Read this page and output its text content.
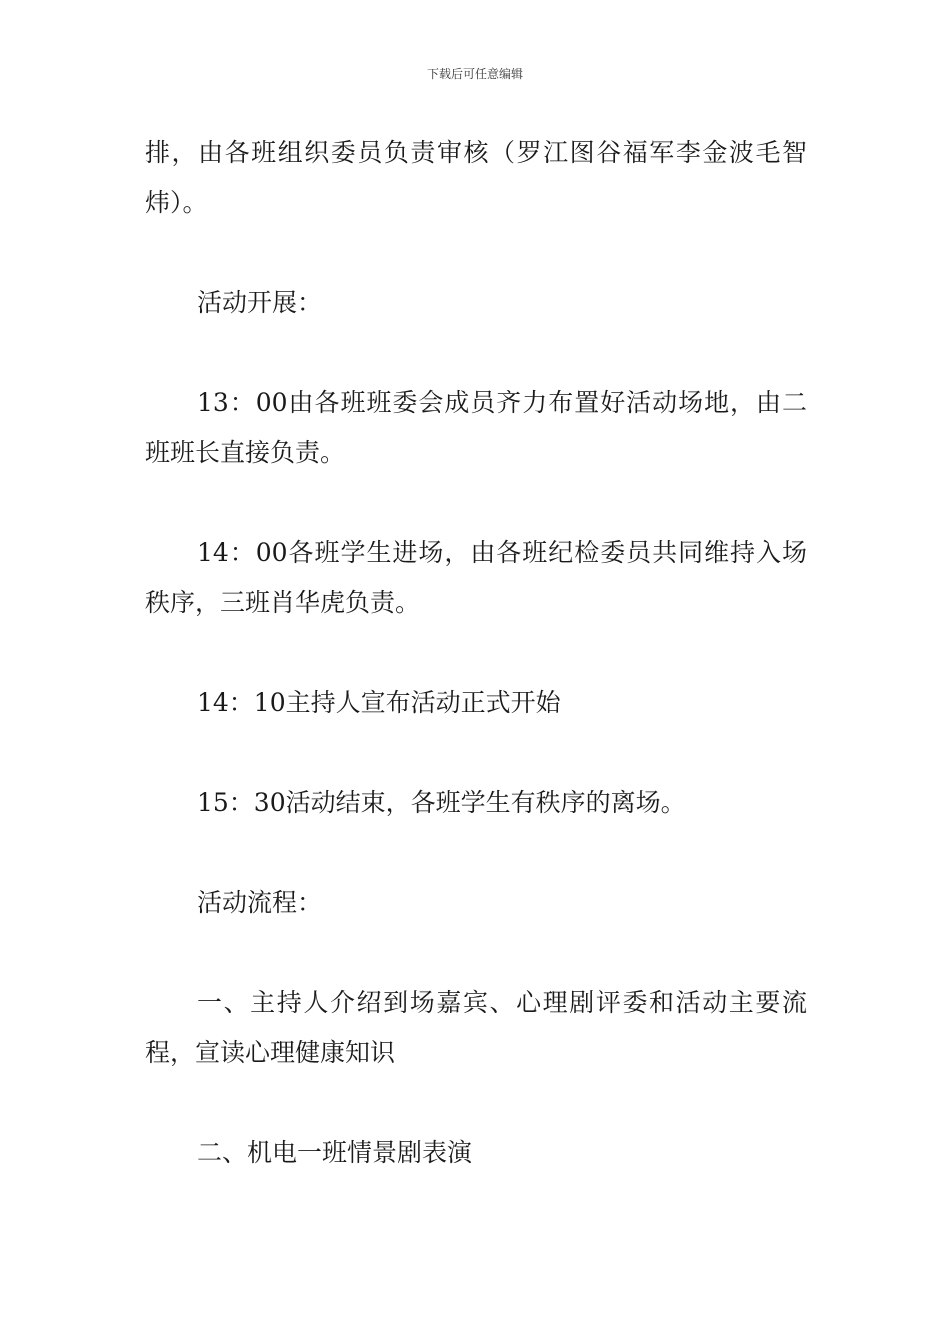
下载后可任意编辑

排，由各班组织委员负责审核（罗江图谷福军李金波毛智炜）。

活动开展：

13：00由各班班委会成员齐力布置好活动场地，由二班班长直接负责。

14：00各班学生进场，由各班纪检委员共同维持入场秩序，三班肖华虎负责。

14：10主持人宣布活动正式开始

15：30活动结束，各班学生有秩序的离场。

活动流程：

一、主持人介绍到场嘉宾、心理剧评委和活动主要流程，宣读心理健康知识

二、机电一班情景剧表演
